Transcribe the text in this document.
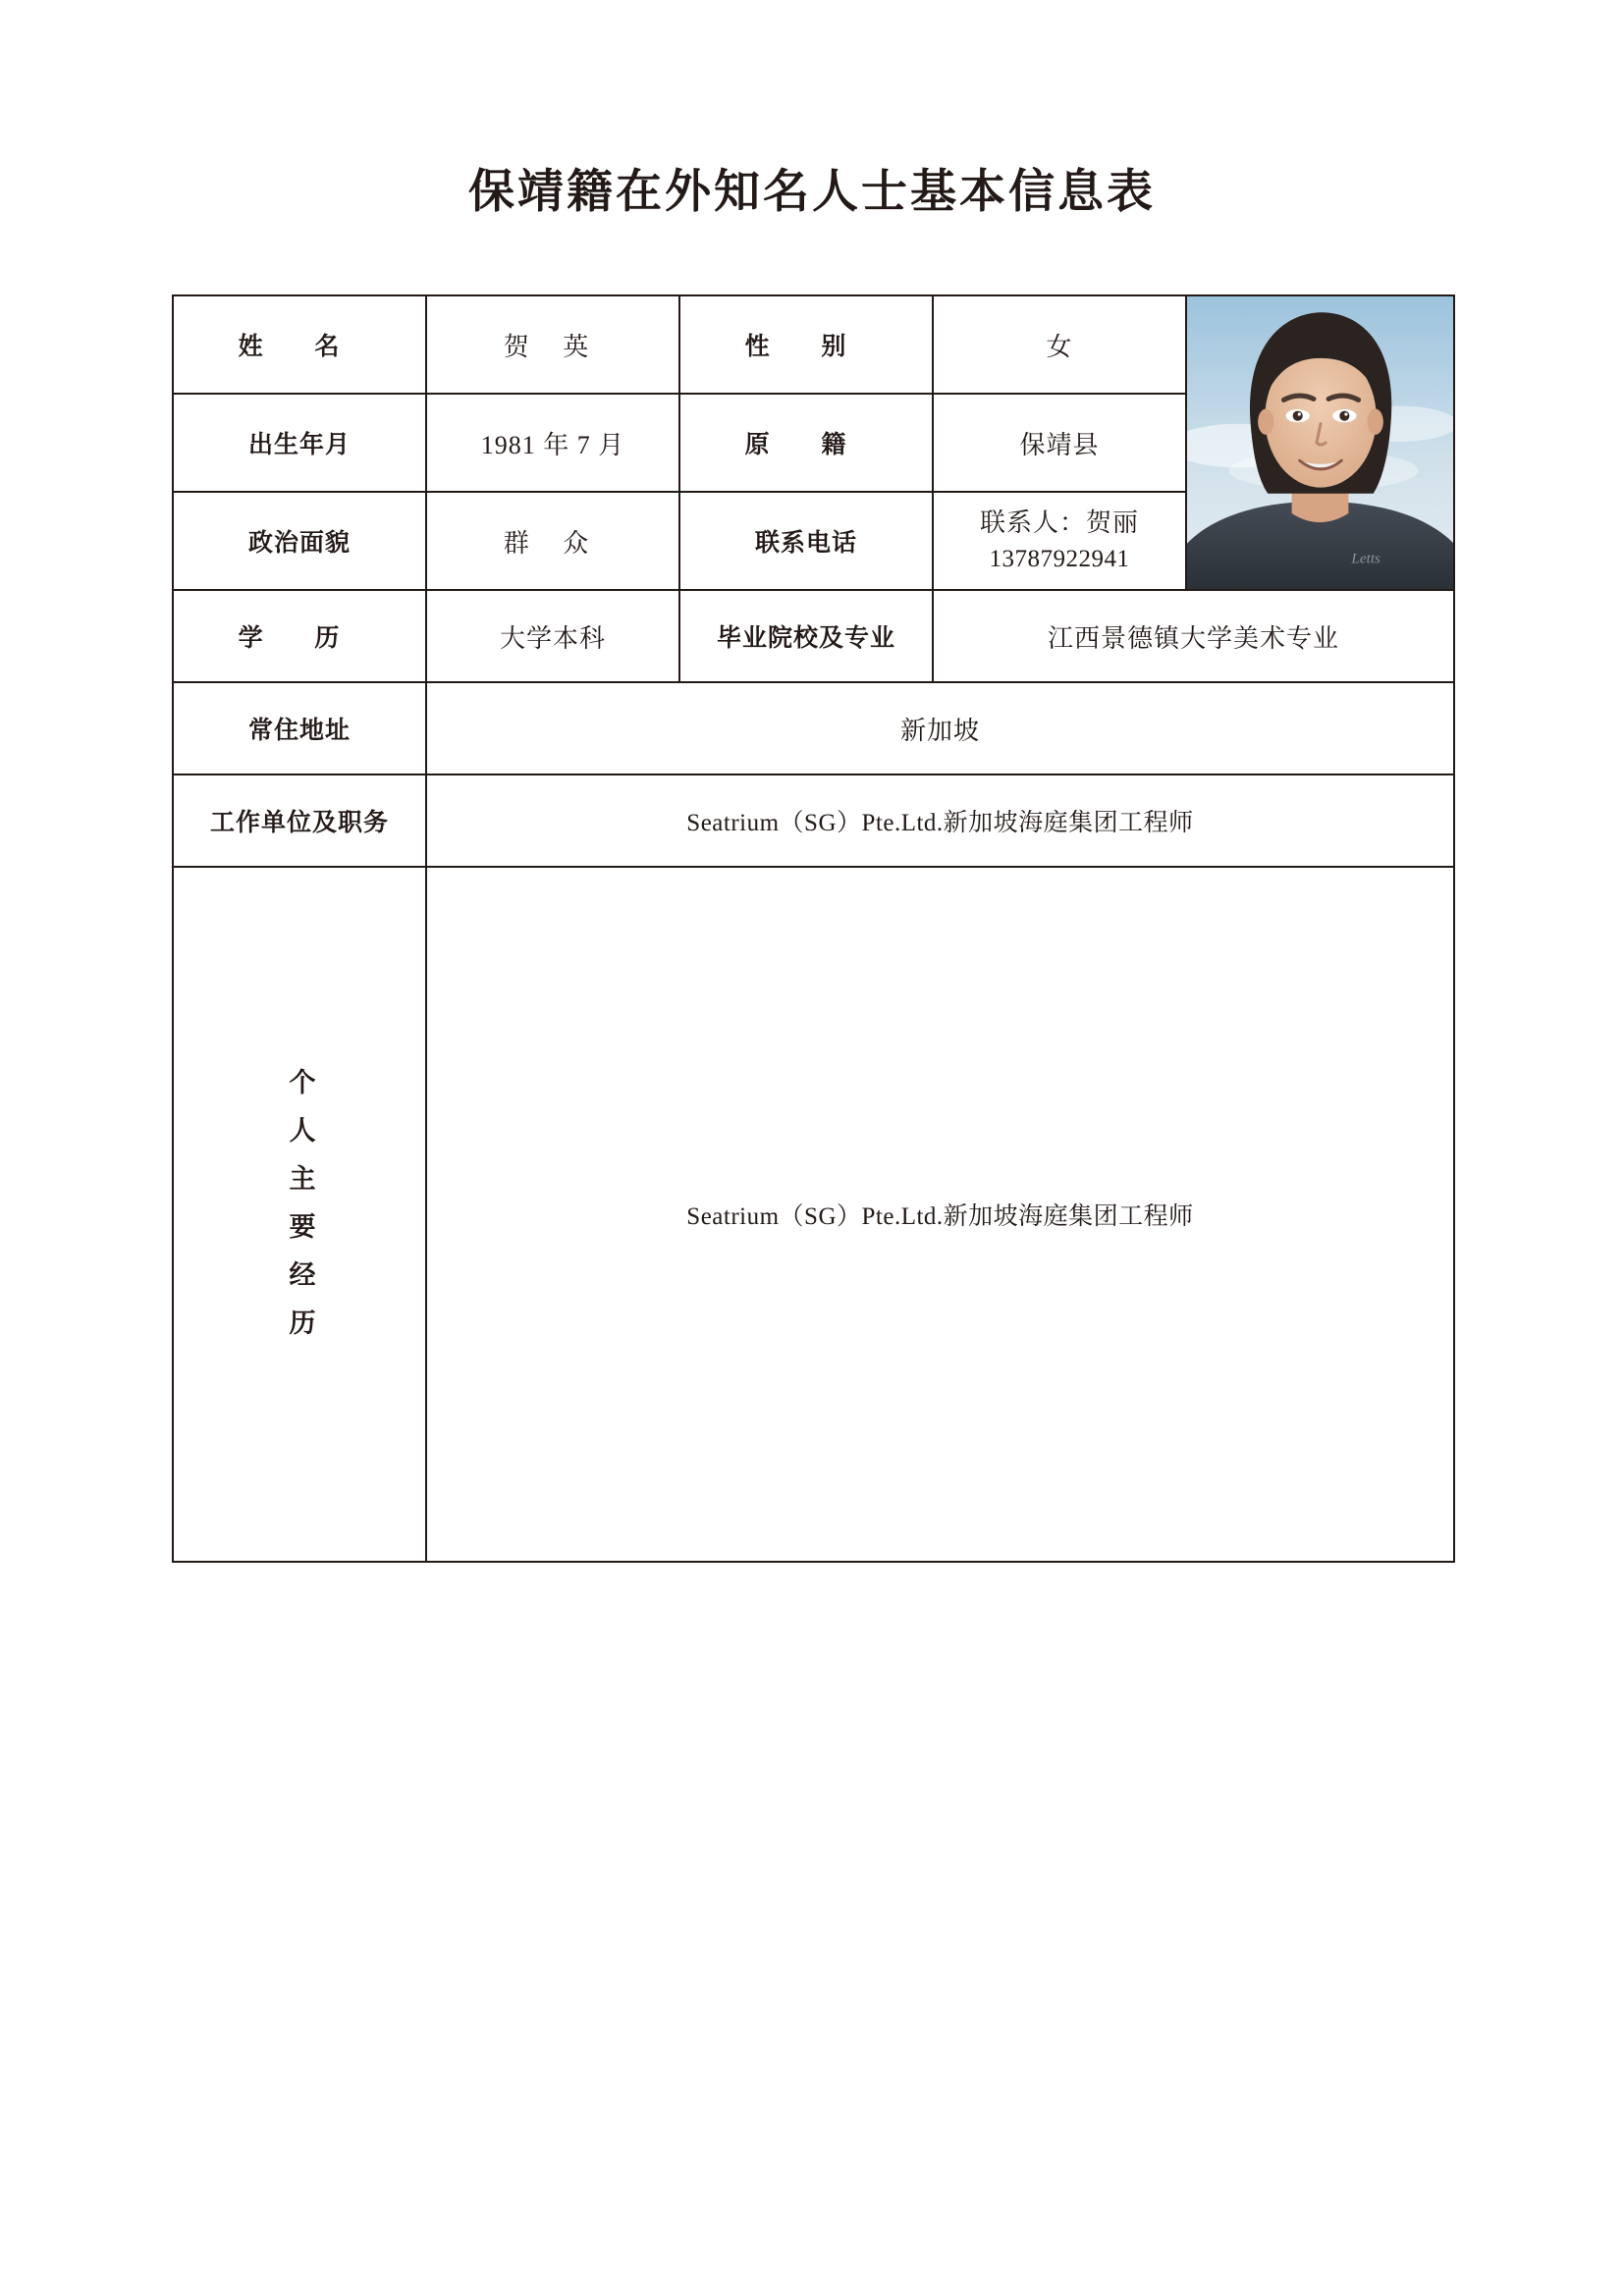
保靖籍在外知名人士基本信息表
姓 名	贺 英	性 别	女	Letts

出生年月	1981 年 7 月	原 籍	保靖县	
政治面貌	群 众	联系电话	联系人：贺丽
13787922941	

学 历	大学本科	毕业院校及专业	江西景德镇大学美术专业	
常住地址	新加坡			
工作单位及职务	Seatrium（SG）Pte.Ltd.新加坡海庭集团工程师			
个人主要经历	Seatrium（SG）Pte.Ltd.新加坡海庭集团工程师			
